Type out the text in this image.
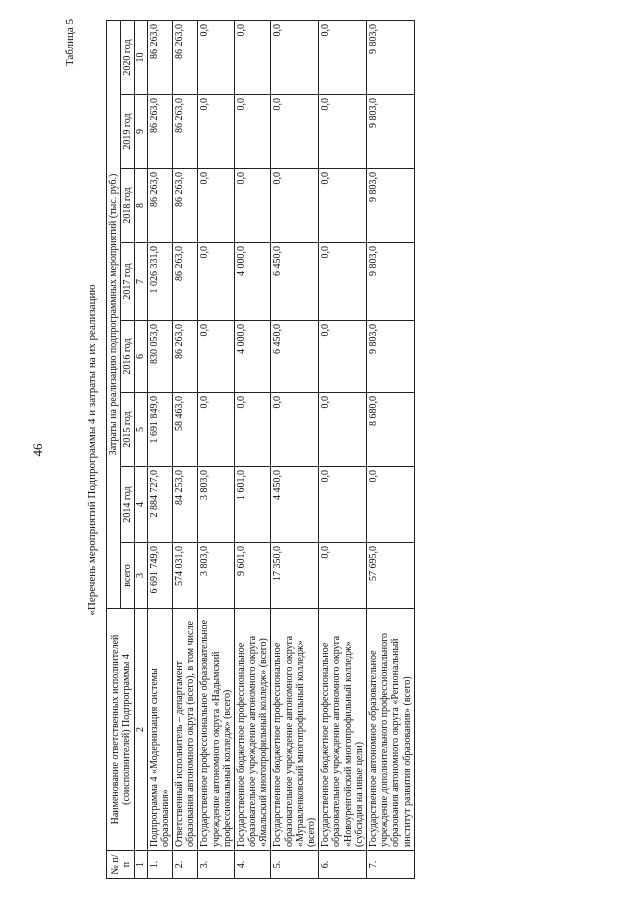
46
Таблица 5
«Перечень мероприятий Подпрограммы 4 и затраты на их реализацию
№ п/п	Наименование ответственных исполнителей (соисполнителей) Подпрограммы 4	Затраты на реализацию подпрограммных мероприятий (тыс. руб.)							
		всего	2014 год	2015 год	2016 год	2017 год	2018 год	2019 год	2020 год
1	2	3	4	5	6	7	8	9	10
1.	Подпрограмма 4 «Модернизация системы образования»	6 691 749,0	2 884 727,0	1 691 849,0	830 053,0	1 026 331,0	86 263,0	86 263,0	86 263,0
2.	Ответственный исполнитель – департамент образования автономного округа (всего), в том числе	574 031,0	84 253,0	58 463,0	86 263,0	86 263,0	86 263,0	86 263,0	86 263,0
3.	Государственное профессиональное образовательное учреждение автономного округа «Надымский профессиональный колледж» (всего)	3 803,0	3 803,0	0,0	0,0	0,0	0,0	0,0	0,0
4.	Государственное бюджетное профессиональное образовательное учреждение автономного округа «Ямальский многопрофильный колледж» (всего)	9 601,0	1 601,0	0,0	4 000,0	4 000,0	0,0	0,0	0,0
5.	Государственное бюджетное профессиональное образовательное учреждение автономного округа «Муравленковский многопрофильный колледж» (всего)	17 350,0	4 450,0	0,0	6 450,0	6 450,0	0,0	0,0	0,0
6.	Государственное бюджетное профессиональное образовательное учреждение автономного округа «Новоуренгойский многопрофильный колледж» (субсидия на иные цели)	0,0	0,0	0,0	0,0	0,0	0,0	0,0	0,0
7.	Государственное автономное образовательное учреждение дополнительного профессионального образования автономного округа «Региональный институт развития образования» (всего)	57 695,0	0,0	8 680,0	9 803,0	9 803,0	9 803,0	9 803,0	9 803,0
